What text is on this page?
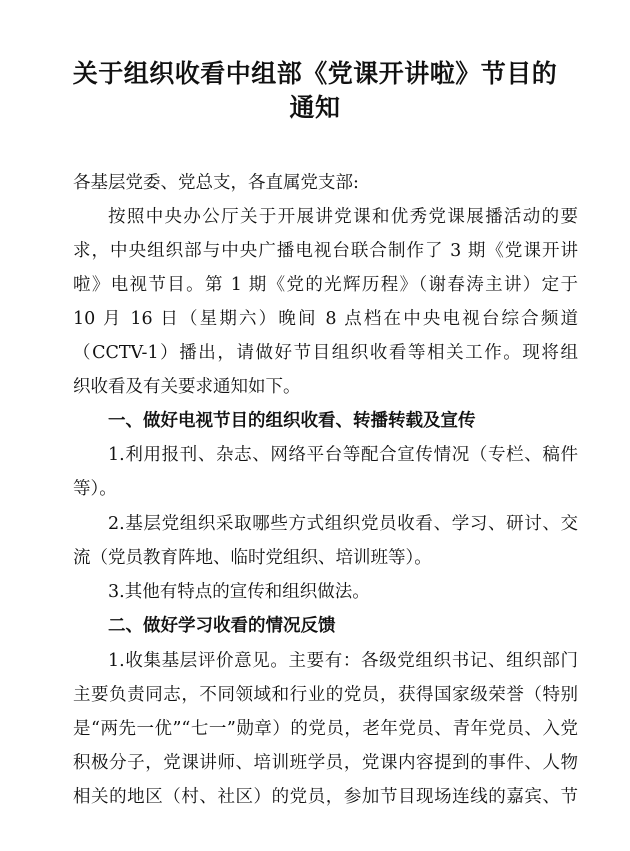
关于组织收看中组部《党课开讲啦》节目的
通知
各基层党委、党总支，各直属党支部:
按照中央办公厅关于开展讲党课和优秀党课展播活动的要
求，中央组织部与中央广播电视台联合制作了 3 期《党课开讲
啦》电视节目。第 1 期《党的光辉历程》（谢春涛主讲）定于
10 月 16 日（星期六）晚间 8 点档在中央电视台综合频道
（CCTV-1）播出，请做好节目组织收看等相关工作。现将组
织收看及有关要求通知如下。
一、做好电视节目的组织收看、转播转载及宣传
1.利用报刊、杂志、网络平台等配合宣传情况（专栏、稿件
等）。
2.基层党组织采取哪些方式组织党员收看、学习、研讨、交
流（党员教育阵地、临时党组织、培训班等）。
3.其他有特点的宣传和组织做法。
二、做好学习收看的情况反馈
1.收集基层评价意见。主要有：各级党组织书记、组织部门
主要负责同志，不同领域和行业的党员，获得国家级荣誉（特别
是“两先一优”“七一”勋章）的党员，老年党员、青年党员、入党
积极分子，党课讲师、培训班学员，党课内容提到的事件、人物
相关的地区（村、社区）的党员，参加节目现场连线的嘉宾、节
